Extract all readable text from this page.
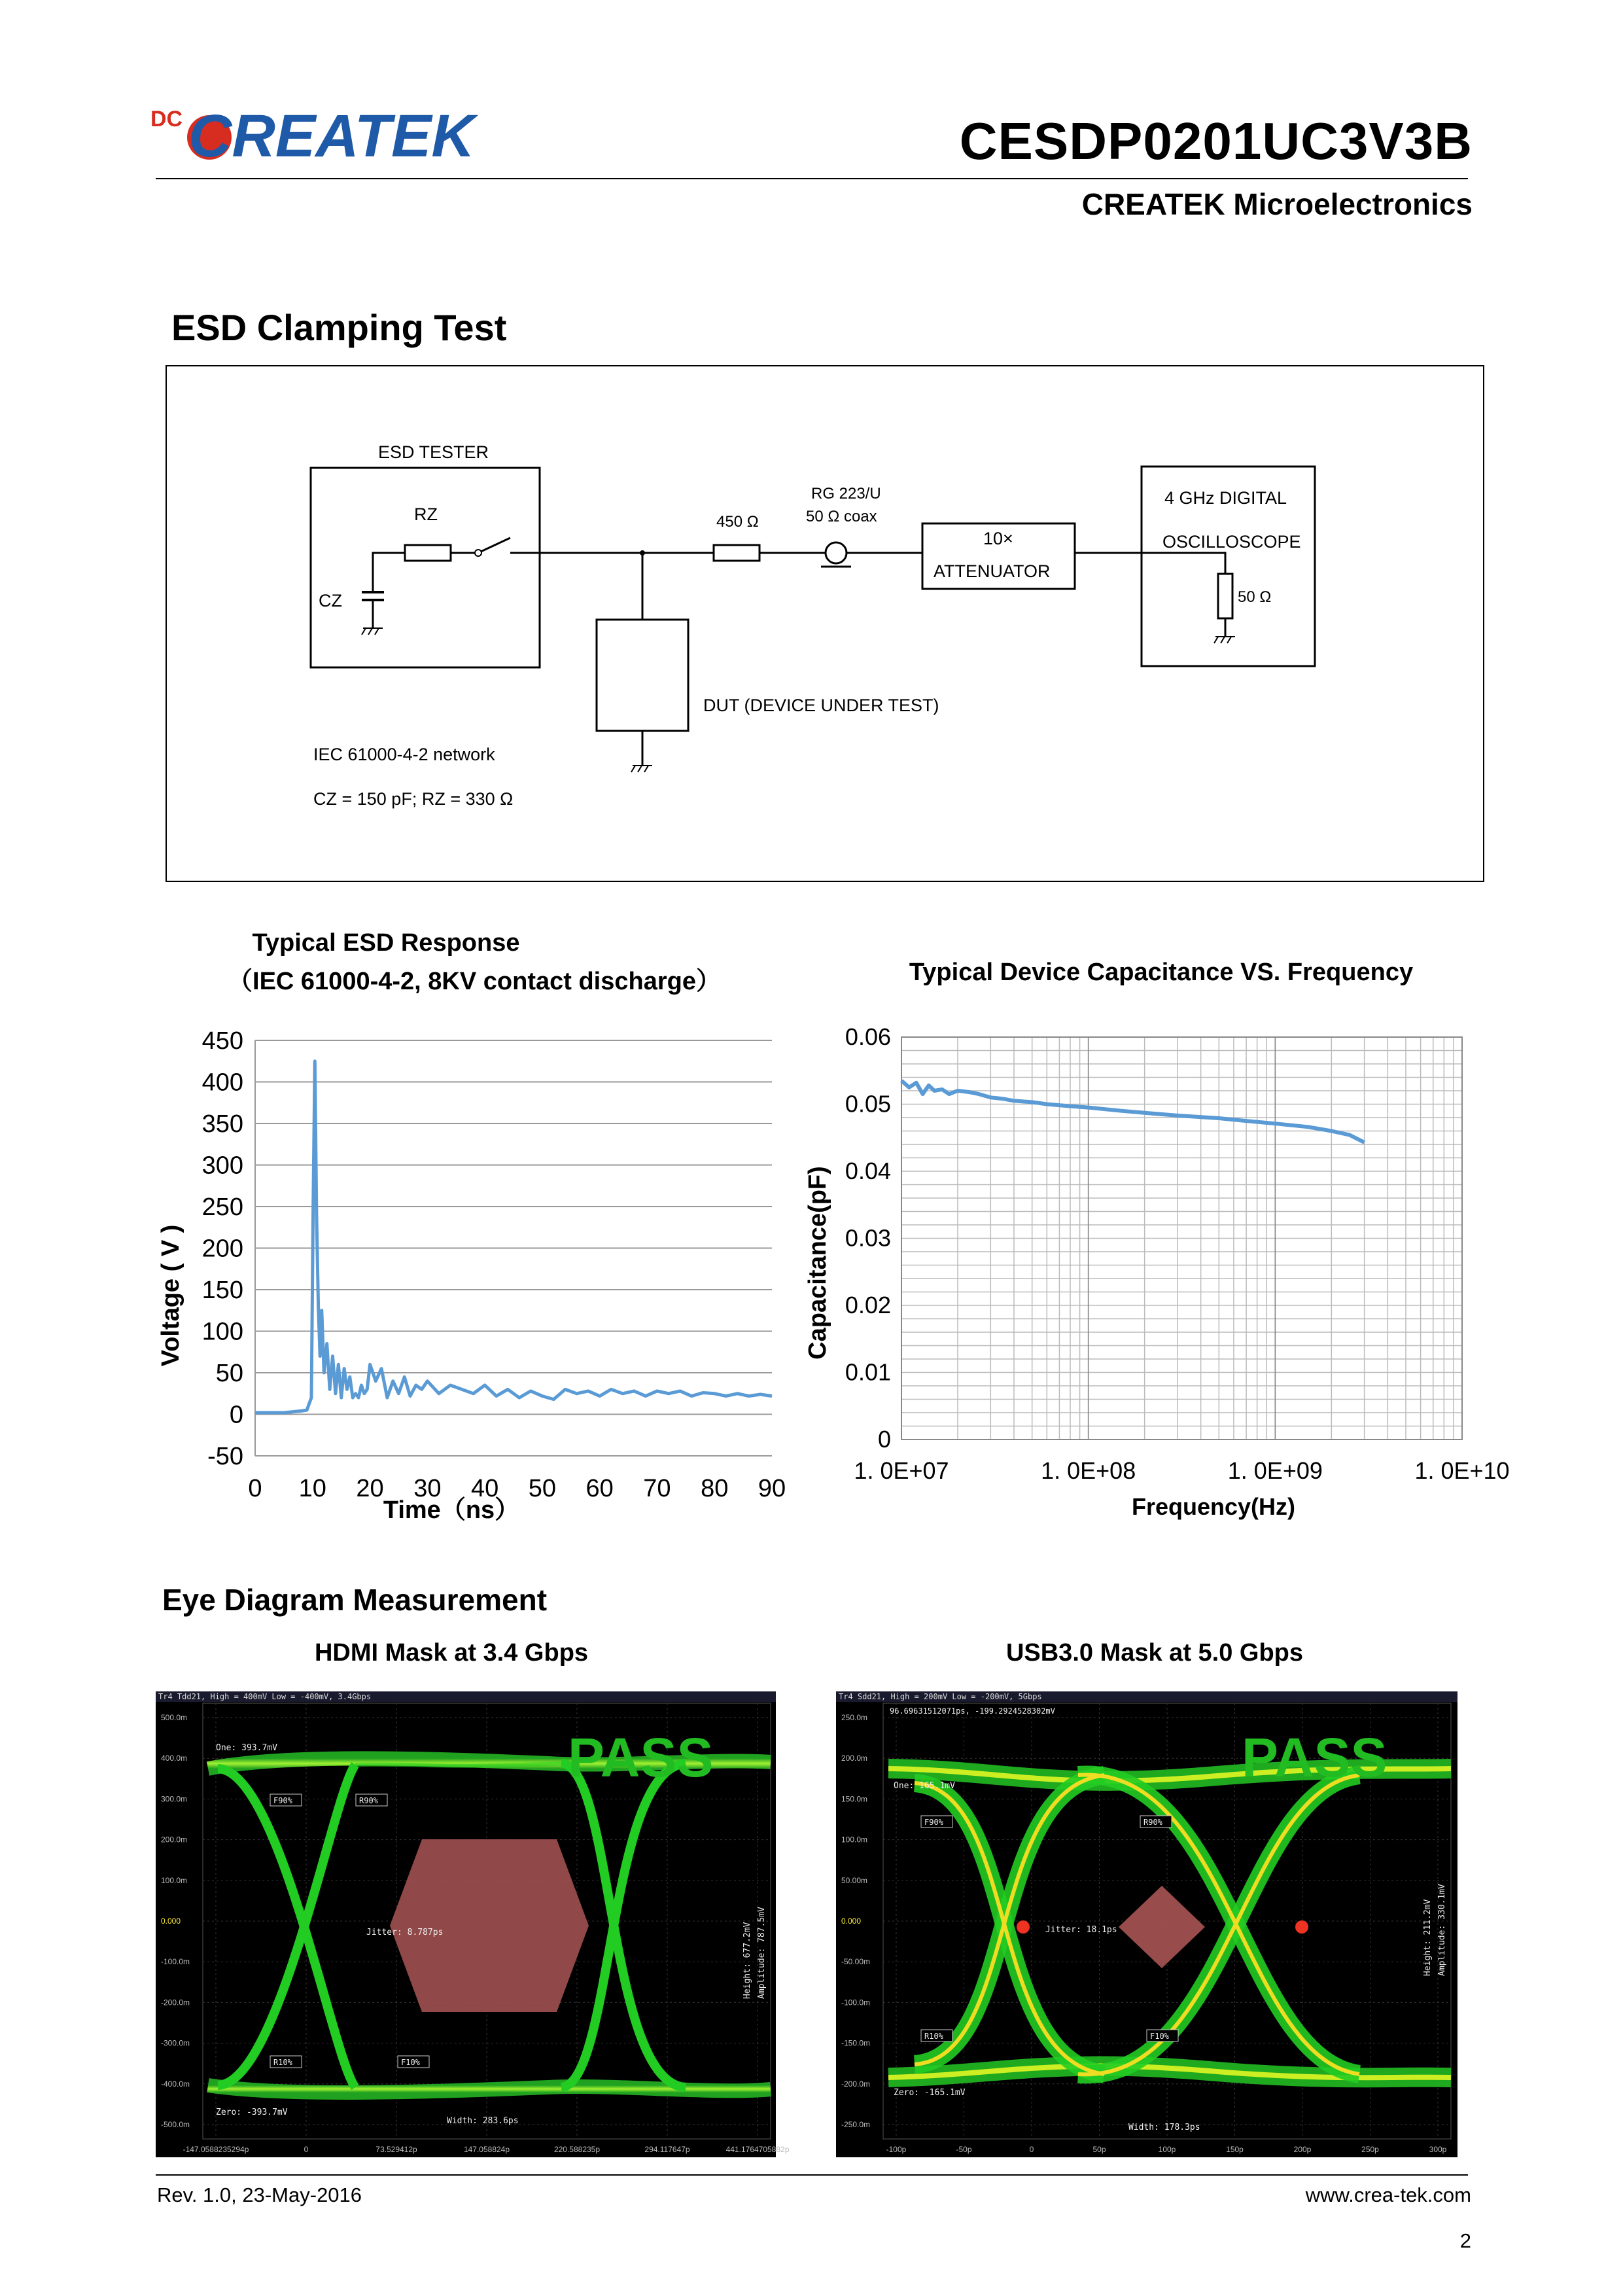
DC CREATEK	CESDP0201UC3V3B
CREATEK Microelectronics
ESD Clamping Test
ESD TESTER
RZ
CZ
DUT (DEVICE UNDER TEST)
450 Ω
RG 223/U
50 Ω coax
10×
ATTENUATOR
4 GHz DIGITAL
OSCILLOSCOPE
50 Ω
IEC 61000-4-2 network
CZ = 150 pF; RZ = 330 Ω
Typical ESD Response
（IEC 61000-4-2, 8KV contact discharge）	Typical Device Capacitance VS. Frequency
-50
0
50
100
150
200
250
300
350
400
450
0 10 20 30 40 50 60 70 80 90
Voltage ( V )
Time（ns）
0
0.01
0.02
0.03
0.04
0.05
0.06
1. 0E+07	1. 0E+08	1. 0E+09	1. 0E+10
Capacitance(pF)
Frequency(Hz)
Eye Diagram Measurement
HDMI Mask at 3.4 Gbps	USB3.0 Mask at 5.0 Gbps
Tr4 Tdd21, High = 400mV Low = -400mV, 3.4Gbps
500.0m
400.0m
300.0m
200.0m
100.0m
0.000
-100.0m
-200.0m
-300.0m
-400.0m
-500.0m
-147.0588235294p	0	73.529412p	147.058824p	220.588235p	294.117647p	441.1764705882p
PASS
One: 393.7mV
Zero: -393.7mV
Jitter: 8.787ps
Width: 283.6ps
Height: 677.2mV Amplitude: 787.5mV
F90%	R90%
R10%	F10%
Tr4 Sdd21, High = 200mV Low = -200mV, 5Gbps
250.0m
200.0m
150.0m
100.0m
50.00m
0.000
-50.00m
-100.0m
-150.0m
-200.0m
-250.0m
-100p	-50p	0	50p	100p	150p	200p	250p	300p
96.69631512071ps, -199.2924528302mV
PASS
One: 165.1mV
Zero: -165.1mV
Jitter: 18.1ps
Width: 178.3ps
Height: 211.2mV Amplitude: 330.1mV
F90%	R90%
R10%	F10%
Rev. 1.0, 23-May-2016	www.crea-tek.com
2
